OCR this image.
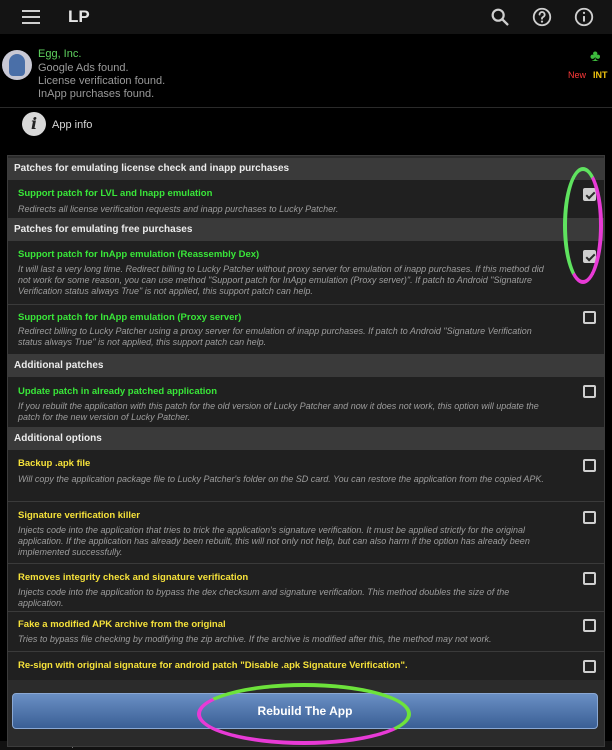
LP
Egg, Inc.
Google Ads found.
License verification found.
InApp purchases found.
♣
New INT
i	App info
Patches for emulating license check and inapp purchases
Support patch for LVL and Inapp emulation
Redirects all license verification requests and inapp purchases to Lucky Patcher.
Patches for emulating free purchases
Support patch for InApp emulation (Reassembly Dex)
It will last a very long time. Redirect billing to Lucky Patcher without proxy server for emulation of inapp purchases. If this method did not work for some reason, you can use method "Support patch for InApp emulation (Proxy server)". If patch to Android "Signature Verification status always True" is not applied, this support patch can help.
Support patch for InApp emulation (Proxy server)
Redirect billing to Lucky Patcher using a proxy server for emulation of inapp purchases. If patch to Android "Signature Verification status always True" is not applied, this support patch can help.
Additional patches
Update patch in already patched application
If you rebuilt the application with this patch for the old version of Lucky Patcher and now it does not work, this option will update the patch for the new version of Lucky Patcher.
Additional options
Backup .apk file
Will copy the application package file to Lucky Patcher's folder on the SD card. You can restore the application from the copied APK.
Signature verification killer
Injects code into the application that tries to trick the application's signature verification. It must be applied strictly for the original application. If the application has already been rebuilt, this will not only not help, but can also harm if the option has already been implemented successfully.
Removes integrity check and signature verification
Injects code into the application to bypass the dex checksum and signature verification. This method doubles the size of the application.
Fake a modified APK archive from the original
Tries to bypass file checking by modifying the zip archive. If the archive is modified after this, the method may not work.
Re-sign with original signature for android patch "Disable .apk Signature Verification".
Rebuild The App
